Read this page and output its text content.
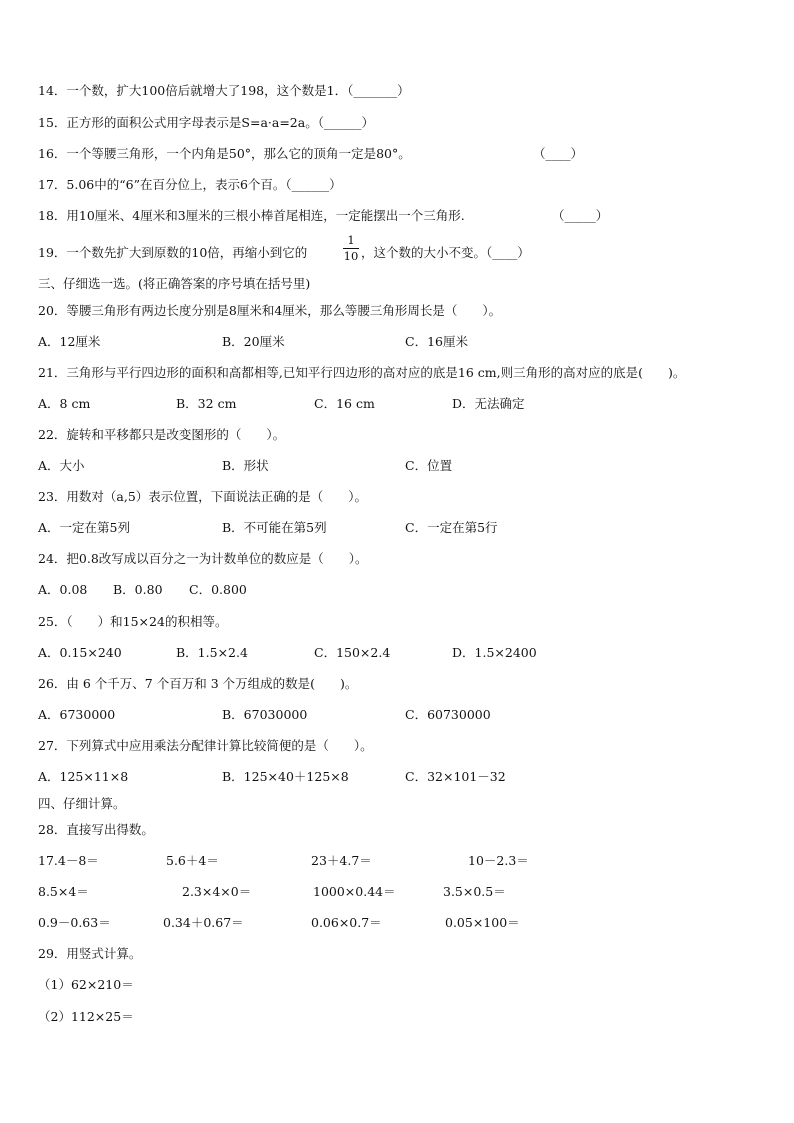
14．一个数，扩大100倍后就增大了198，这个数是1．（_______）
15．正方形的面积公式用字母表示是S=a·a=2a。（______）
16．一个等腰三角形，一个内角是50°，那么它的顶角一定是80°。	（____）
17．5.06中的“6”在百分位上，表示6个百。（______）
18．用10厘米、4厘米和3厘米的三根小棒首尾相连，一定能摆出一个三角形.	（_____）
19．一个数先扩大到原数的10倍，再缩小到它的
1
10 ，这个数的大小不变。（____）
三、仔细选一选。(将正确答案的序号填在括号里)
20．等腰三角形有两边长度分别是8厘米和4厘米，那么等腰三角形周长是（　　）。
A．12厘米	B．20厘米	C．16厘米
21．三角形与平行四边形的面积和高都相等,已知平行四边形的高对应的底是16 cm,则三角形的高对应的底是(　　)。
A．8 cm	B．32 cm	C．16 cm	D．无法确定
22．旋转和平移都只是改变图形的（　　）。
A．大小	B．形状	C．位置
23．用数对（a,5）表示位置，下面说法正确的是（　　）。
A．一定在第5列	B．不可能在第5列	C．一定在第5行
24．把0.8改写成以百分之一为计数单位的数应是（　　）。
A．0.08 B．0.80 C．0.800
25．（　　）和15×24的积相等。
A．0.15×240	B．1.5×2.4	C．150×2.4	D．1.5×2400
26．由 6 个千万、7 个百万和 3 个万组成的数是(　　)。
A．6730000	B．67030000	C．60730000
27．下列算式中应用乘法分配律计算比较简便的是（　　）。
A．125×11×8	B．125×40＋125×8	C．32×101－32
四、仔细计算。
28．直接写出得数。
17.4－8＝	5.6＋4＝	23＋4.7＝	10－2.3＝
8.5×4＝	2.3×4×0＝	1000×0.44＝	3.5×0.5＝
0.9－0.63＝	0.34＋0.67＝	0.06×0.7＝	0.05×100＝
29．用竖式计算。
（1）62×210＝
（2）112×25＝
